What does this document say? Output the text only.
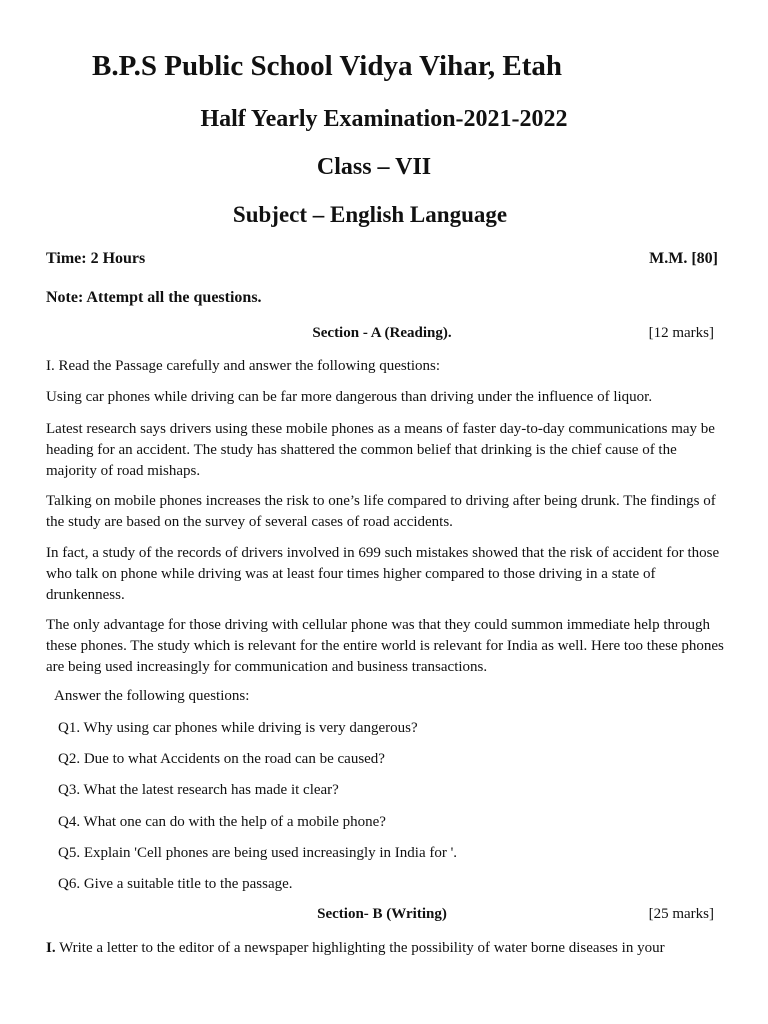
B.P.S Public School Vidya Vihar, Etah
Half Yearly Examination-2021-2022
Class – VII
Subject – English Language
Time: 2 Hours	M.M. [80]
Note: Attempt all the questions.
Section - A (Reading).	[12 marks]
I. Read the Passage carefully and answer the following questions:
Using car phones while driving can be far more dangerous than driving under the influence of liquor.
Latest research says drivers using these mobile phones as a means of faster day-to-day communications may be heading for an accident. The study has shattered the common belief that drinking is the chief cause of the majority of road mishaps.
Talking on mobile phones increases the risk to one’s life compared to driving after being drunk. The findings of the study are based on the survey of several cases of road accidents.
In fact, a study of the records of drivers involved in 699 such mistakes showed that the risk of accident for those who talk on phone while driving was at least four times higher compared to those driving in a state of drunkenness.
The only advantage for those driving with cellular phone was that they could summon immediate help through these phones. The study which is relevant for the entire world is relevant for India as well. Here too these phones are being used increasingly for communication and business transactions.
Answer the following questions:
Q1. Why using car phones while driving is very dangerous?
Q2. Due to what Accidents on the road can be caused?
Q3. What the latest research has made it clear?
Q4. What one can do with the help of a mobile phone?
Q5. Explain 'Cell phones are being used increasingly in India for '.
Q6. Give a suitable title to the passage.
Section- B (Writing)	[25 marks]
I. Write a letter to the editor of a newspaper highlighting the possibility of water borne diseases in your
